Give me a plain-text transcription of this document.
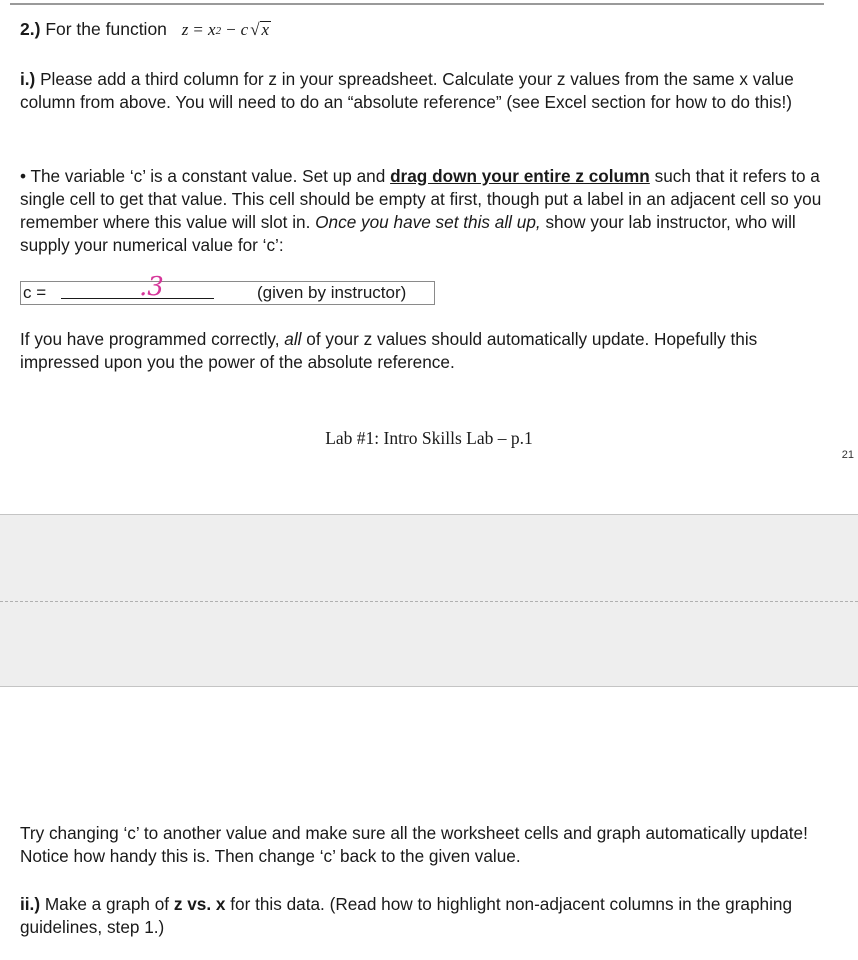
2.) For the function $z = x^2 - c$ √ x
i.) Please add a third column for z in your spreadsheet. Calculate your z values from the same x value column from above. You will need to do an “absolute reference” (see Excel section for how to do this!)
• The variable ‘c’ is a constant value. Set up and drag down your entire z column such that it refers to a single cell to get that value. This cell should be empty at first, though put a label in an adjacent cell so you remember where this value will slot in. Once you have set this all up, show your lab instructor, who will supply your numerical value for ‘c’:
c =	.3	(given by instructor)
If you have programmed correctly, all of your z values should automatically update. Hopefully this impressed upon you the power of the absolute reference.
Lab #1: Intro Skills Lab – p.1
21
Try changing ‘c’ to another value and make sure all the worksheet cells and graph automatically update! Notice how handy this is. Then change ‘c’ back to the given value.
ii.) Make a graph of z vs. x for this data. (Read how to highlight non-adjacent columns in the graphing guidelines, step 1.)
